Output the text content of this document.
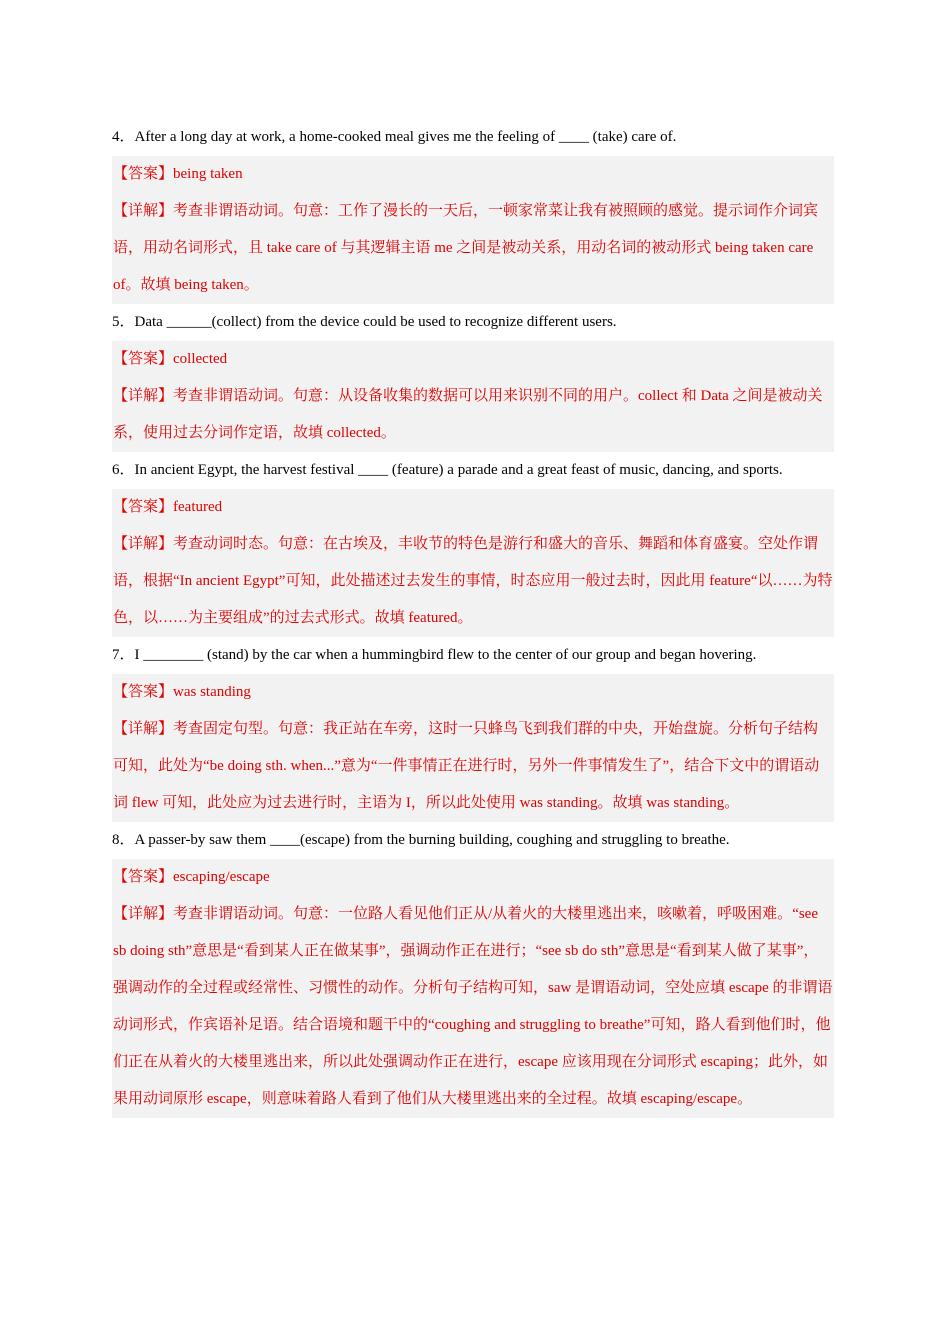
4．After a long day at work, a home-cooked meal gives me the feeling of ____ (take) care of.

【答案】being taken

【详解】考查非谓语动词。句意：工作了漫长的一天后，一顿家常菜让我有被照顾的感觉。提示词作介词宾语，用动名词形式，且 take care of 与其逻辑主语 me 之间是被动关系，用动名词的被动形式 being taken care of。故填 being taken。

5．Data ______(collect) from the device could be used to recognize different users.

【答案】collected

【详解】考查非谓语动词。句意：从设备收集的数据可以用来识别不同的用户。collect 和 Data 之间是被动关系，使用过去分词作定语，故填 collected。

6．In ancient Egypt, the harvest festival ____ (feature) a parade and a great feast of music, dancing, and sports.

【答案】featured

【详解】考查动词时态。句意：在古埃及，丰收节的特色是游行和盛大的音乐、舞蹈和体育盛宴。空处作谓语，根据“In ancient Egypt”可知，此处描述过去发生的事情，时态应用一般过去时，因此用 feature“以……为特色，以……为主要组成”的过去式形式。故填 featured。

7．I ________ (stand) by the car when a hummingbird flew to the center of our group and began hovering.

【答案】was standing

【详解】考查固定句型。句意：我正站在车旁，这时一只蜂鸟飞到我们群的中央，开始盘旋。分析句子结构可知，此处为“be doing sth. when...”意为“一件事情正在进行时，另外一件事情发生了”，结合下文中的谓语动词 flew 可知，此处应为过去进行时，主语为 I，所以此处使用 was standing。故填 was standing。

8．A passer-by saw them ____(escape) from the burning building, coughing and struggling to breathe.

【答案】escaping/escape

【详解】考查非谓语动词。句意：一位路人看见他们正从/从着火的大楼里逃出来，咳嗽着，呼吸困难。“see sb doing sth”意思是“看到某人正在做某事”，强调动作正在进行；“see sb do sth”意思是“看到某人做了某事”，强调动作的全过程或经常性、习惯性的动作。分析句子结构可知，saw 是谓语动词，空处应填 escape 的非谓语动词形式，作宾语补足语。结合语境和题干中的“coughing and struggling to breathe”可知，路人看到他们时，他们正在从着火的大楼里逃出来，所以此处强调动作正在进行，escape 应该用现在分词形式 escaping；此外，如果用动词原形 escape，则意味着路人看到了他们从大楼里逃出来的全过程。故填 escaping/escape。
